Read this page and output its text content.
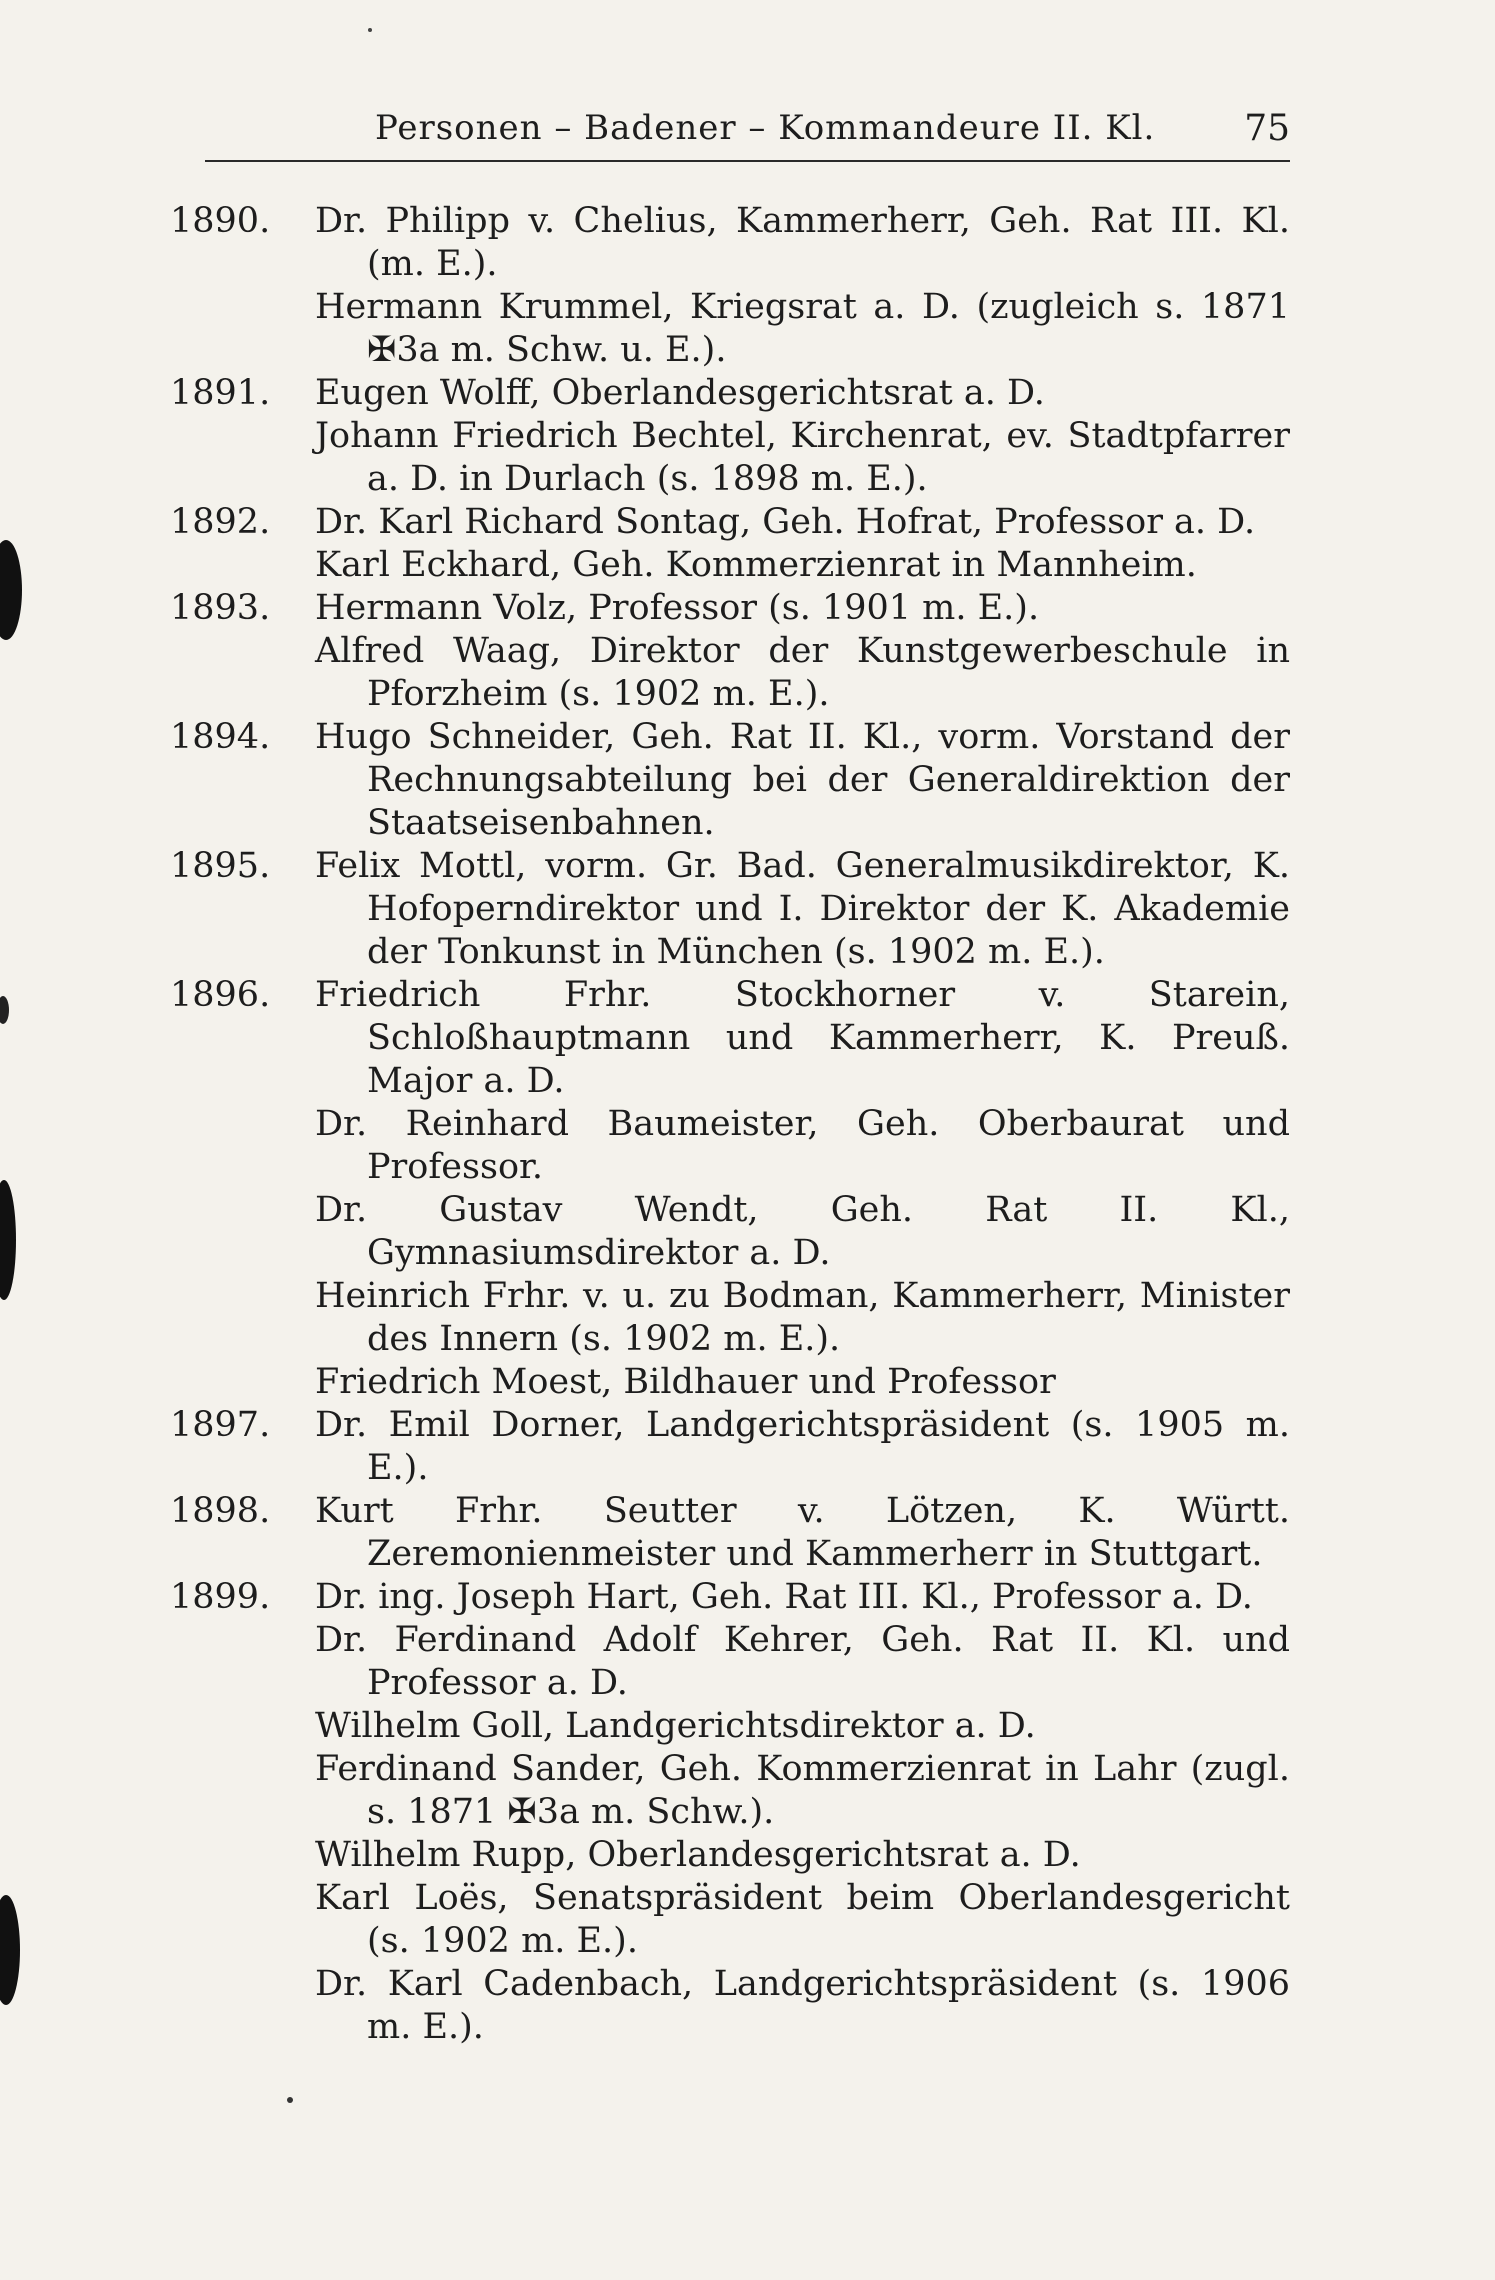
Personen – Badener – Kommandeure II. Kl. 75
1890.	Dr. Philipp v. Chelius, Kammerherr, Geh. Rat III. Kl. (m. E.).
Hermann Krummel, Kriegsrat a. D. (zugleich s. 1871 ✠3a m. Schw. u. E.).
1891.	Eugen Wolff, Oberlandesgerichtsrat a. D.
Johann Friedrich Bechtel, Kirchenrat, ev. Stadtpfarrer a. D. in Durlach (s. 1898 m. E.).
1892.	Dr. Karl Richard Sontag, Geh. Hofrat, Professor a. D.
Karl Eckhard, Geh. Kommerzienrat in Mannheim.
1893.	Hermann Volz, Professor (s. 1901 m. E.).
Alfred Waag, Direktor der Kunstgewerbeschule in Pforzheim (s. 1902 m. E.).
1894.	Hugo Schneider, Geh. Rat II. Kl., vorm. Vorstand der Rechnungsabteilung bei der Generaldirektion der Staatseisenbahnen.
1895.	Felix Mottl, vorm. Gr. Bad. Generalmusikdirektor, K. Hofoperndirektor und I. Direktor der K. Akademie der Tonkunst in München (s. 1902 m. E.).
1896.	Friedrich Frhr. Stockhorner v. Starein, Schloßhauptmann und Kammerherr, K. Preuß. Major a. D.
Dr. Reinhard Baumeister, Geh. Oberbaurat und Professor.
Dr. Gustav Wendt, Geh. Rat II. Kl., Gymnasiumsdirektor a. D.
Heinrich Frhr. v. u. zu Bodman, Kammerherr, Minister des Innern (s. 1902 m. E.).
Friedrich Moest, Bildhauer und Professor
1897.	Dr. Emil Dorner, Landgerichtspräsident (s. 1905 m. E.).
1898.	Kurt Frhr. Seutter v. Lötzen, K. Württ. Zeremonienmeister und Kammerherr in Stuttgart.
1899.	Dr. ing. Joseph Hart, Geh. Rat III. Kl., Professor a. D.
Dr. Ferdinand Adolf Kehrer, Geh. Rat II. Kl. und Professor a. D.
Wilhelm Goll, Landgerichtsdirektor a. D.
Ferdinand Sander, Geh. Kommerzienrat in Lahr (zugl. s. 1871 ✠3a m. Schw.).
Wilhelm Rupp, Oberlandesgerichtsrat a. D.
Karl Loës, Senatspräsident beim Oberlandesgericht (s. 1902 m. E.).
Dr. Karl Cadenbach, Landgerichtspräsident (s. 1906 m. E.).
